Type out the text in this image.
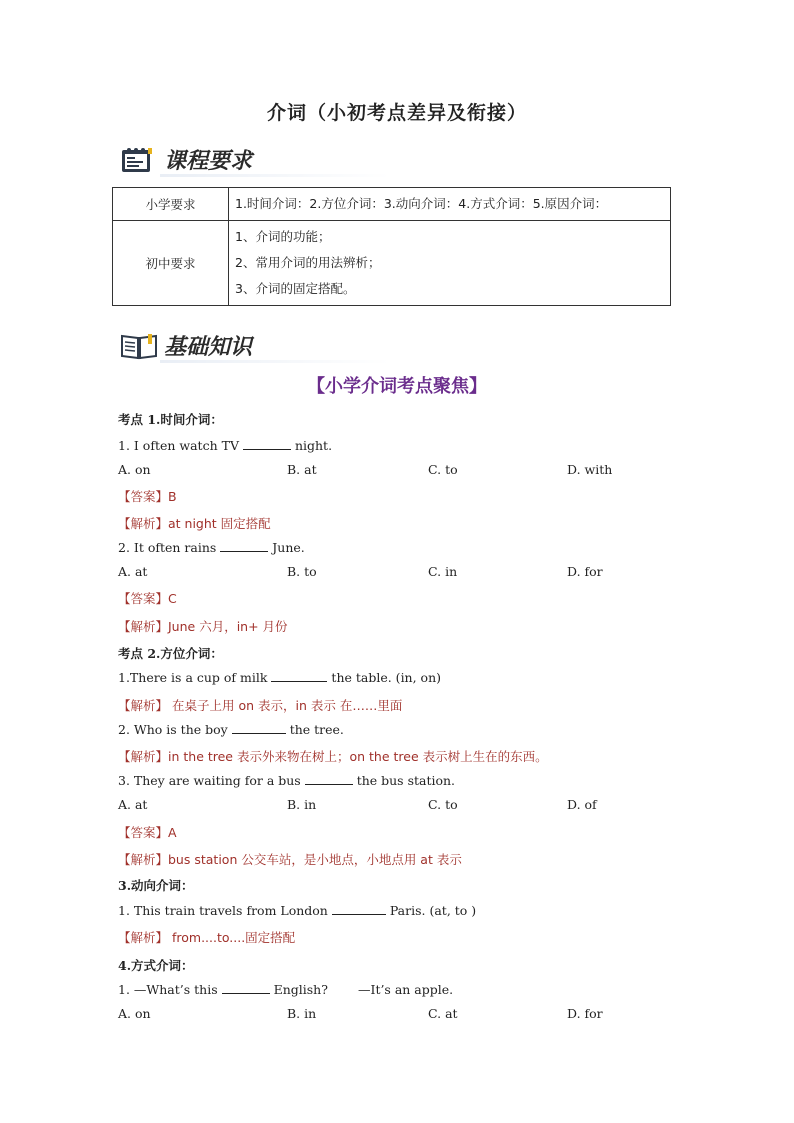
介词（小初考点差异及衔接）
课程要求
小学要求	1.时间介词：2.方位介词：3.动向介词：4.方式介词：5.原因介词：
初中要求	1、介词的功能；
2、常用介词的用法辨析；
3、介词的固定搭配。
基础知识
【小学介词考点聚焦】
考点 1.时间介词：
1. I often watch TV	night.
A. on	B. at	C. to	D. with
【答案】B
【解析】at night 固定搭配
2. It often rains	June.
A. at	B. to	C. in	D. for
【答案】C
【解析】June 六月，in+ 月份
考点 2.方位介词：
1.There is a cup of milk	the table. (in, on)
【解析】 在桌子上用 on 表示，in 表示 在……里面
2. Who is the boy	the tree.
【解析】in the tree 表示外来物在树上；on the tree 表示树上生在的东西。
3. They are waiting for a bus	the bus station.
A. at	B. in	C. to	D. of
【答案】A
【解析】bus station 公交车站，是小地点，小地点用 at 表示
3.动向介词：
1. This train travels from London	Paris. (at, to )
【解析】 from....to....固定搭配
4.方式介词：
1. —What’s this	English? —It’s an apple.
A. on	B. in	C. at	D. for
